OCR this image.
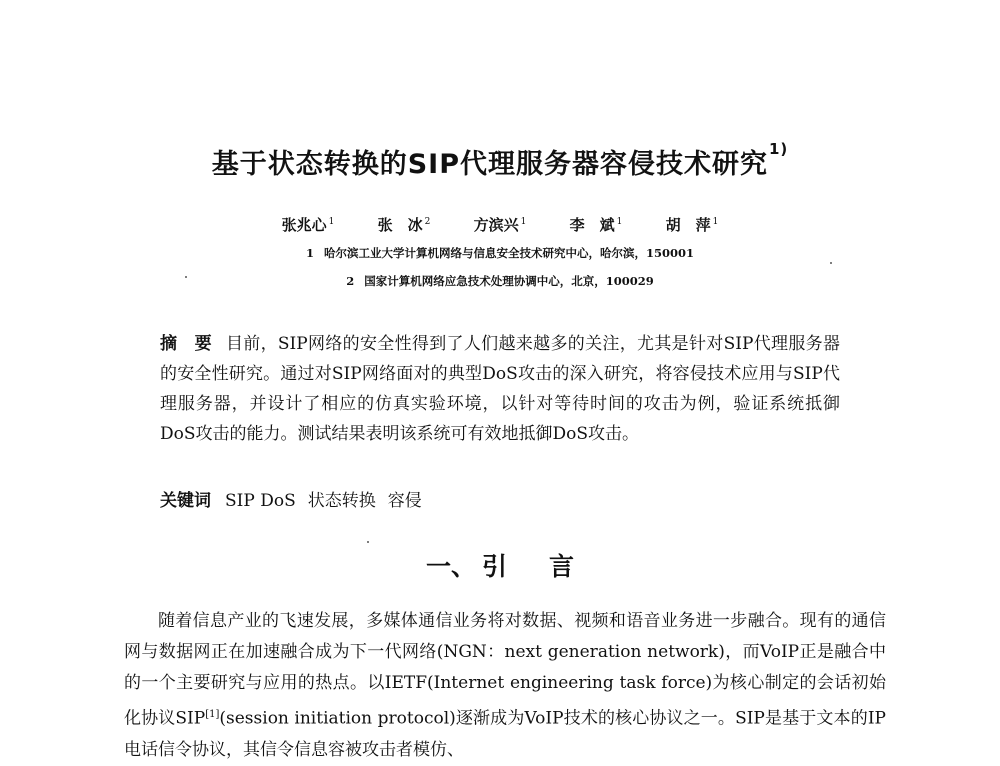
基于状态转换的SIP代理服务器容侵技术研究$^{1)}$
张兆心 $^1$	张　冰 $^2$	方滨兴 $^1$	李　斌 $^1$	胡　萍 $^1$

1 哈尔滨工业大学计算机网络与信息安全技术研究中心，哈尔滨，150001

2 国家计算机网络应急技术处理协调中心，北京，100029

摘　要 目前，SIP网络的安全性得到了人们越来越多的关注，尤其是针对SIP代理服务器的安全性研究。通过对SIP网络面对的典型DoS攻击的深入研究，将容侵技术应用与SIP代理服务器，并设计了相应的仿真实验环境，以针对等待时间的攻击为例，验证系统抵御DoS攻击的能力。测试结果表明该系统可有效地抵御DoS攻击。

关键词 SIP DoS 状态转换 容侵

一、 引言

随着信息产业的飞速发展，多媒体通信业务将对数据、视频和语音业务进一步融合。现有的通信网与数据网正在加速融合成为下一代网络(NGN：next generation network)，而VoIP正是融合中的一个主要研究与应用的热点。以IETF(Internet engineering task force)为核心制定的会话初始化协议SIP[1](session initiation protocol)逐渐成为VoIP技术的核心协议之一。SIP是基于文本的IP电话信令协议，其信令信息容被攻击者模仿、
